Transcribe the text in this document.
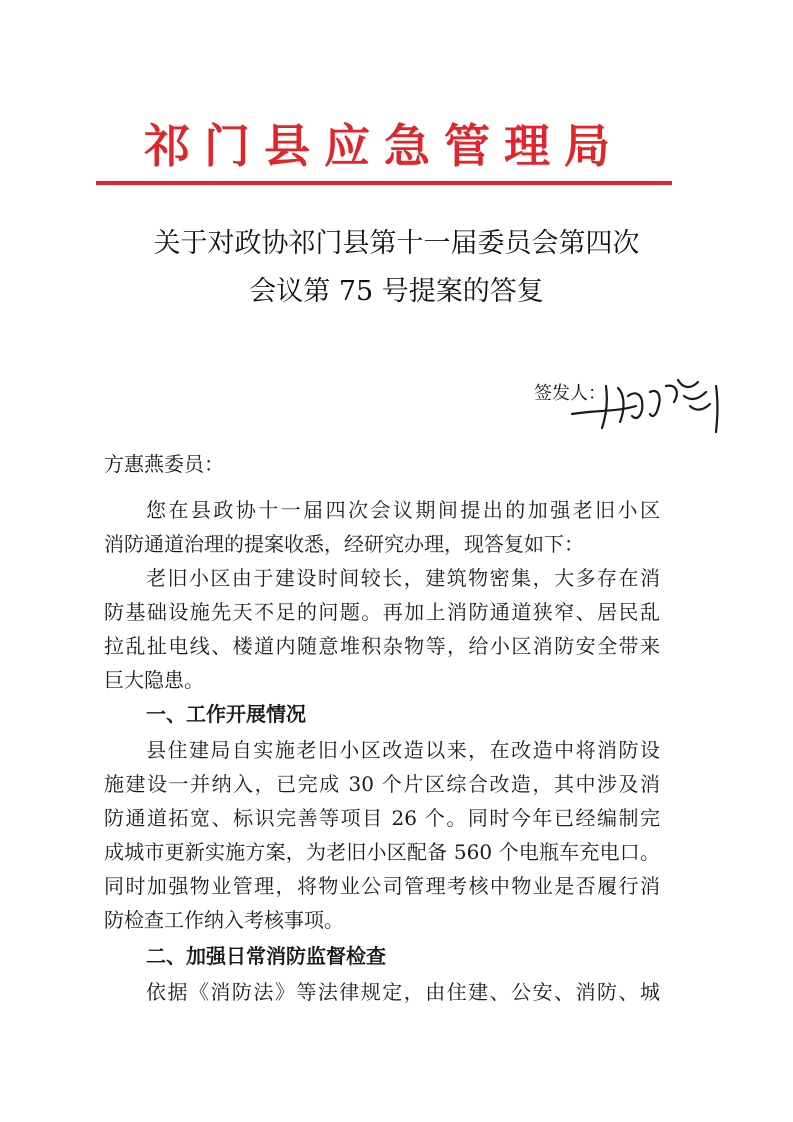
祁门县应急管理局
关于对政协祁门县第十一届委员会第四次
会议第 75 号提案的答复
签发人：
方惠燕委员：
您在县政协十一届四次会议期间提出的加强老旧小区
消防通道治理的提案收悉，经研究办理，现答复如下：
老旧小区由于建设时间较长，建筑物密集，大多存在消
防基础设施先天不足的问题。再加上消防通道狭窄、居民乱
拉乱扯电线、楼道内随意堆积杂物等，给小区消防安全带来
巨大隐患。
一、工作开展情况
县住建局自实施老旧小区改造以来，在改造中将消防设
施建设一并纳入，已完成 30 个片区综合改造，其中涉及消
防通道拓宽、标识完善等项目 26 个。同时今年已经编制完
成城市更新实施方案，为老旧小区配备 560 个电瓶车充电口。
同时加强物业管理，将物业公司管理考核中物业是否履行消
防检查工作纳入考核事项。
二、加强日常消防监督检查
依据《消防法》等法律规定，由住建、公安、消防、城
